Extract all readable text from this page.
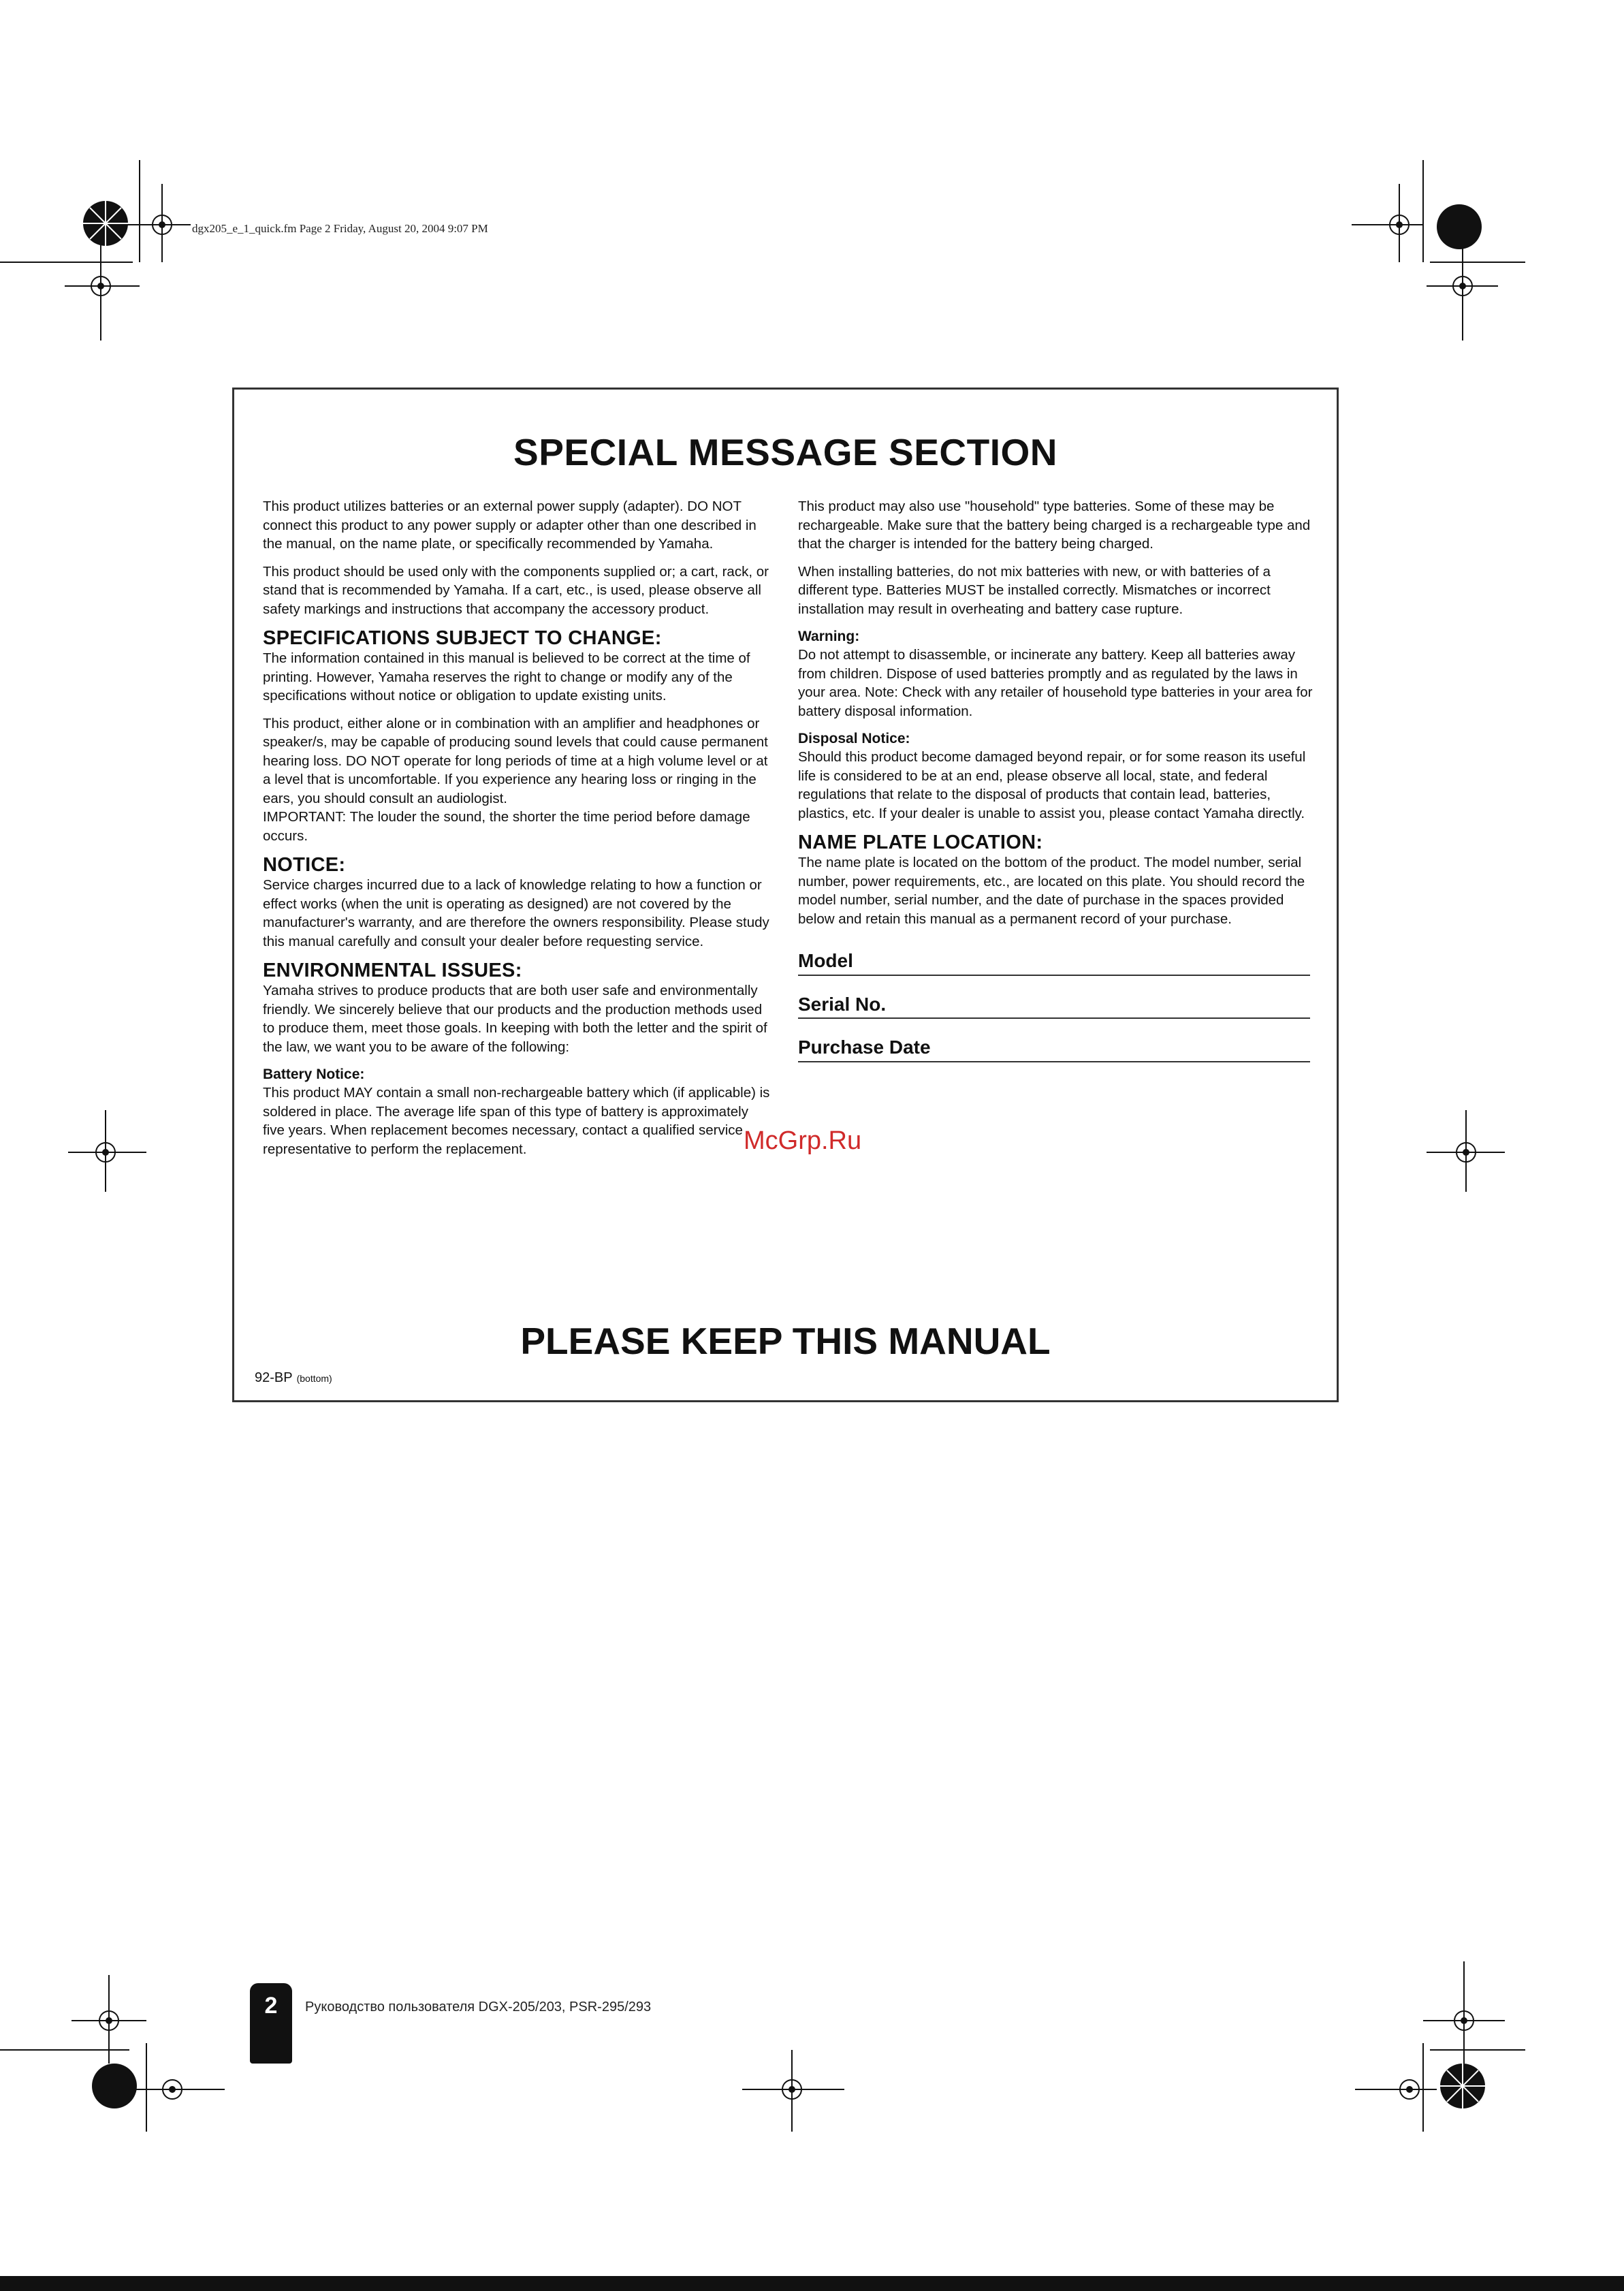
dgx205_e_1_quick.fm Page 2 Friday, August 20, 2004 9:07 PM
SPECIAL MESSAGE SECTION

This product utilizes batteries or an external power supply (adapter). DO NOT connect this product to any power supply or adapter other than one described in the manual, on the name plate, or specifically recommended by Yamaha.

This product should be used only with the components supplied or; a cart, rack, or stand that is recommended by Yamaha. If a cart, etc., is used, please observe all safety markings and instructions that accompany the accessory product.

SPECIFICATIONS SUBJECT TO CHANGE:

The information contained in this manual is believed to be correct at the time of printing. However, Yamaha reserves the right to change or modify any of the specifications without notice or obligation to update existing units.

This product, either alone or in combination with an amplifier and headphones or speaker/s, may be capable of producing sound levels that could cause permanent hearing loss. DO NOT operate for long periods of time at a high volume level or at a level that is uncomfortable. If you experience any hearing loss or ringing in the ears, you should consult an audiologist.

IMPORTANT: The louder the sound, the shorter the time period before damage occurs.

NOTICE:

Service charges incurred due to a lack of knowledge relating to how a function or effect works (when the unit is operating as designed) are not covered by the manufacturer's warranty, and are therefore the owners responsibility. Please study this manual carefully and consult your dealer before requesting service.

ENVIRONMENTAL ISSUES:

Yamaha strives to produce products that are both user safe and environmentally friendly. We sincerely believe that our products and the production methods used to produce them, meet those goals. In keeping with both the letter and the spirit of the law, we want you to be aware of the following:

Battery Notice:

This product MAY contain a small non-rechargeable battery which (if applicable) is soldered in place. The average life span of this type of battery is approximately five years. When replacement becomes necessary, contact a qualified service representative to perform the replacement.

This product may also use "household" type batteries. Some of these may be rechargeable. Make sure that the battery being charged is a rechargeable type and that the charger is intended for the battery being charged.

When installing batteries, do not mix batteries with new, or with batteries of a different type. Batteries MUST be installed correctly. Mismatches or incorrect installation may result in overheating and battery case rupture.

Warning:

Do not attempt to disassemble, or incinerate any battery. Keep all batteries away from children. Dispose of used batteries promptly and as regulated by the laws in your area. Note: Check with any retailer of household type batteries in your area for battery disposal information.

Disposal Notice:

Should this product become damaged beyond repair, or for some reason its useful life is considered to be at an end, please observe all local, state, and federal regulations that relate to the disposal of products that contain lead, batteries, plastics, etc. If your dealer is unable to assist you, please contact Yamaha directly.

NAME PLATE LOCATION:

The name plate is located on the bottom of the product. The model number, serial number, power requirements, etc., are located on this plate. You should record the model number, serial number, and the date of purchase in the spaces provided below and retain this manual as a permanent record of your purchase.

Model
Serial No.
Purchase Date
PLEASE KEEP THIS MANUAL
92-BP (bottom)
McGrp.Ru
2	Руководство пользователя DGX-205/203, PSR-295/293
